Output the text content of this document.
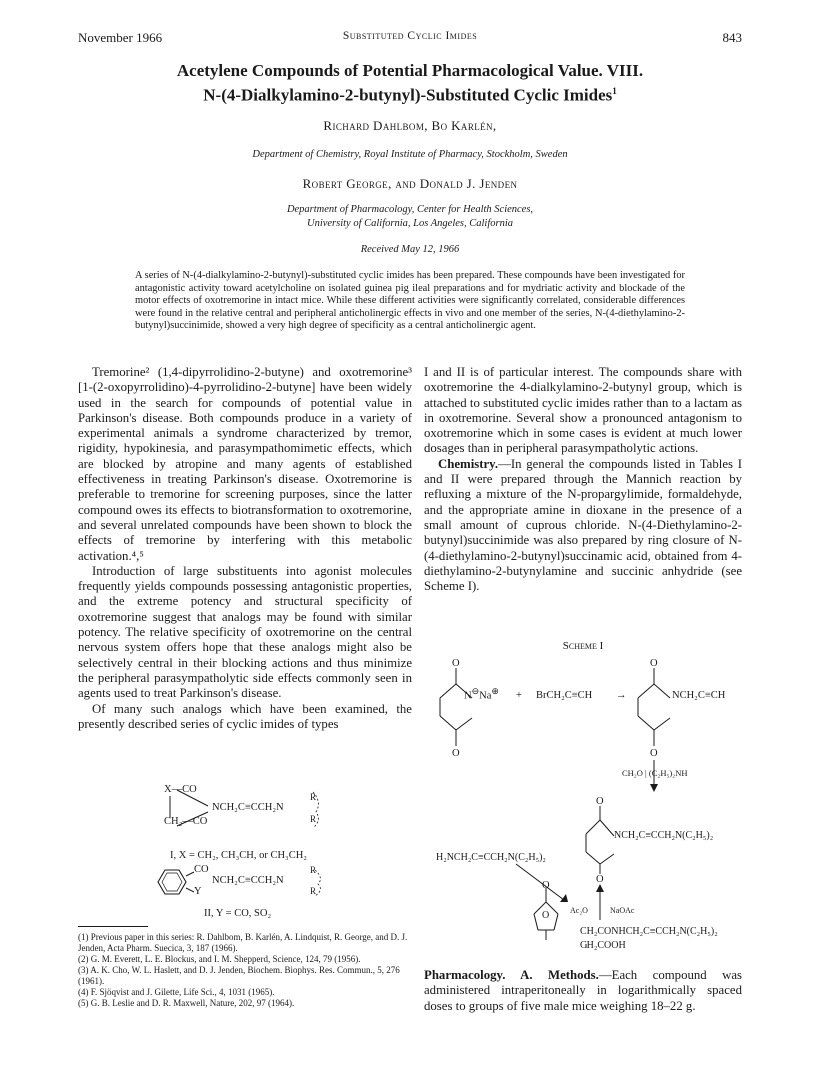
November 1966	Substituted Cyclic Imides	843
Acetylene Compounds of Potential Pharmacological Value. VIII.
N-(4-Dialkylamino-2-butynyl)-Substituted Cyclic Imides$^1$
Richard Dahlbom, Bo Karlén,
Department of Chemistry, Royal Institute of Pharmacy, Stockholm, Sweden
Robert George, and Donald J. Jenden
Department of Pharmacology, Center for Health Sciences,
University of California, Los Angeles, California
Received May 12, 1966
A series of N-(4-dialkylamino-2-butynyl)-substituted cyclic imides has been prepared. These compounds have been investigated for antagonistic activity toward acetylcholine on isolated guinea pig ileal preparations and for mydriatic activity and blockade of the motor effects of oxotremorine in intact mice. While these different activities were significantly correlated, considerable differences were found in the relative central and peripheral anticholinergic effects in vivo and one member of the series, N-(4-diethylamino-2-butynyl)succinimide, showed a very high degree of specificity as a central anticholinergic agent.

Tremorine² (1,4-dipyrrolidino-2-butyne) and oxotremorine³ [1-(2-oxopyrrolidino)-4-pyrrolidino-2-butyne] have been widely used in the search for compounds of potential value in Parkinson's disease. Both compounds produce in a variety of experimental animals a syndrome characterized by tremor, rigidity, hypokinesia, and parasympathomimetic effects, which are blocked by atropine and many agents of established effectiveness in treating Parkinson's disease. Oxotremorine is preferable to tremorine for screening purposes, since the latter compound owes its effects to biotransformation to oxotremorine, and several unrelated compounds have been shown to block the effects of tremorine by interfering with this metabolic activation.⁴,⁵

Introduction of large substituents into agonist molecules frequently yields compounds possessing antagonistic properties, and the extreme potency and structural specificity of oxotremorine suggest that analogs may be found with similar potency. The relative specificity of oxotremorine on the central nervous system offers hope that these analogs might also be selectively central in their blocking actions and thus minimize the peripheral parasympatholytic side effects commonly seen in agents used to treat Parkinson's disease.

Of many such analogs which have been examined, the presently described series of cyclic imides of types

X—CO
NCH₂C≡CCH₂N
R
R
CH₂—CO
I, X = CH₂, CH₃CH, or CH₃CH₂
CO
NCH₂C≡CCH₂N
Y
R
R
II, Y = CO, SO₂
(1) Previous paper in this series: R. Dahlbom, B. Karlén, A. Lindquist, R. George, and D. J. Jenden, Acta Pharm. Suecica, 3, 187 (1966).
(2) G. M. Everett, L. E. Blockus, and I. M. Shepperd, Science, 124, 79 (1956).
(3) A. K. Cho, W. L. Haslett, and D. J. Jenden, Biochem. Biophys. Res. Commun., 5, 276 (1961).
(4) F. Sjöqvist and J. Gilette, Life Sci., 4, 1031 (1965).
(5) G. B. Leslie and D. R. Maxwell, Nature, 202, 97 (1964).

I and II is of particular interest. The compounds share with oxotremorine the 4-dialkylamino-2-butynyl group, which is attached to substituted cyclic imides rather than to a lactam as in oxotremorine. Several show a pronounced antagonism to oxotremorine which in some cases is evident at much lower dosages than in peripheral parasympatholytic actions.

Chemistry.—In general the compounds listed in Tables I and II were prepared through the Mannich reaction by refluxing a mixture of the N-propargylimide, formaldehyde, and the appropriate amine in dioxane in the presence of a small amount of cuprous chloride. N-(4-Diethylamino-2-butynyl)succinimide was also prepared by ring closure of N-(4-diethylamino-2-butynyl)succinamic acid, obtained from 4-diethylamino-2-butynylamine and succinic anhydride (see Scheme I).

Scheme I
O
N⊖Na⊕
O
+ BrCH₂C≡CH →
O
NCH₂C≡CH
O
CH₂O | (C₂H₅)₂NH
O
NCH₂C≡CCH₂N(C₂H₅)₂
O
H₂NCH₂C≡CCH₂N(C₂H₅)₂
Ac₂O	NaOAc
O
CH₂CONHCH₂C≡CCH₂N(C₂H₅)₂
CH₂COOH
O

Pharmacology. A. Methods.—Each compound was administered intraperitoneally in logarithmically spaced doses to groups of five male mice weighing 18–22 g.
